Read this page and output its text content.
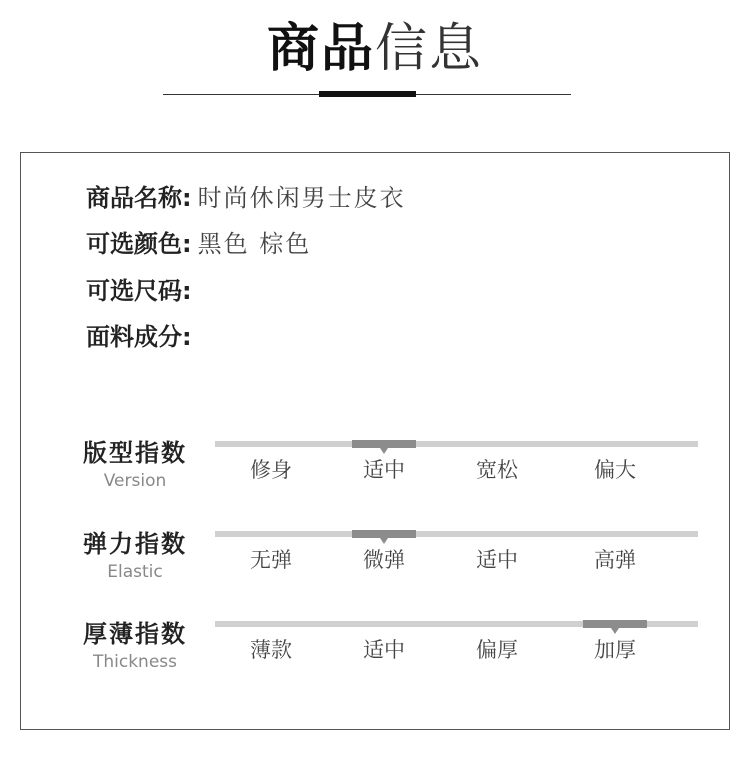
商品信息
商品名称: 时尚休闲男士皮衣
可选颜色: 黑色 棕色
可选尺码:
面料成分:
版型指数
Version	修身	适中	宽松	偏大
弹力指数
Elastic	无弹	微弹	适中	高弹
厚薄指数
Thickness	薄款	适中	偏厚	加厚
